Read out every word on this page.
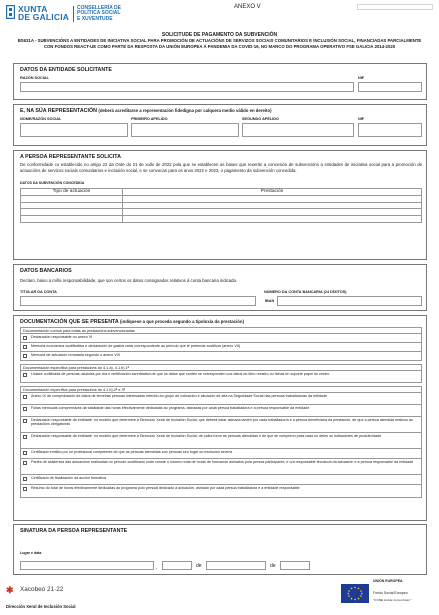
XUNTA
DE GALICIA
CONSELLERÍA DE
POLÍTICA SOCIAL
E XUVENTUDE
ANEXO V
SOLICITUDE DE PAGAMENTO DA SUBVENCIÓN
BS631A - SUBVENCIÓNS A ENTIDADES DE INICIATIVA SOCIAL PARA PROMOCIÓN DE ACTUACIÓNS DE SERVIZOS SOCIAIS COMUNITARIOS E INCLUSIÓN SOCIAL, FINANCIADAS PARCIALMENTE CON FONDOS REACT-UE COMO PARTE DA RESPOSTA DA UNIÓN EUROPEA Á PANDEMIA DA COVID-19, NO MARCO DO PROGRAMA OPERATIVO FSE GALICIA 2014-2020
DATOS DA ENTIDADE SOLICITANTE
RAZÓN SOCIAL	NIF
E, NA SÚA REPRESENTACIÓN (deberá acreditarse a representación fidedigna por calquera medio válido en dereito)
NOME/RAZÓN SOCIAL	PRIMEIRO APELIDO	SEGUNDO APELIDO	NIF
A PERSOA REPRESENTANTE SOLICITA
De conformidade co establecido no artigo 22 da Orde do 21 de xullo de 2022 pola que se establecen as bases que rexerán a concesión de subvencións a entidades de iniciativa social para a promoción de actuacións de servizos sociais comunitarios e inclusión social, e se convocan para os anos 2022 e 2023, o pagamento da subvención concedida.
DATOS DA SUBVENCIÓN CONCEDIDA
Tipo de actuación	Prestación

DATOS BANCARIOS
Declaro, baixo a miña responsabilidade, que son certos os datos consignados relativos á conta bancaria indicada.
TITULAR DA CONTA	NÚMERO DA CONTA BANCARIA (24 DÍXITOS)
IBAN
DOCUMENTACIÓN QUE SE PRESENTA (indíquese a que proceda segundo a tipoloxía da prestación)
Documentación común para todas as prestacións subvencionadas
Declaración responsable no anexo VI
Memoria económica xustificativa e declaración de gastos reais correspondente ao período que te pretenda xustificar (anexo VII)
Memoria de actuación rematada segundo o anexo VIII
Documentación específica para prestacións do 4.1.a), 4.1.b).1ª
Listaxe codificada de persoas usuarias por día e certificación acreditativa de que os datos que contén se corresponden cos datos do libro rexistro ou fichas en soporte papel do centro
Documentación específica para prestacións do 4.1.b).2ª e 3ª
Anexo IX de comprobación de datos de terceiras persoas interesadas referido ao grupo de cotización e situación de alta na Seguridade Social das persoas traballadoras da entidade
Follas mensuais comprensivas da totalidade das horas efectivamente dedicadas ao programa, asinadas por cada persoa traballadora e a persoa responsable da entidade
Declaración responsable da entidade, no modelo que determine a Dirección Xeral de Inclusión Social, que deberá estar asinada tamén por cada traballador/a e a persoa beneficiaria da prestación, de que a persoa atendida realizou as prestacións obrigatorias
Declaración responsable da entidade, no modelo que determine a Dirección Xeral de Inclusión Social, de cales foron as persoas atendidas e de que se cumpriron para cada un deles os indicadores de produtividade.
Certificado emitido por un profesional competente de que as persoas atendidas son persoas sen fogar ou exclusión severa
Partes de asistencia das actuacións realizadas no período xustificado onde conste o número total de horas de formación asinados pola persoa participante, e o/a responsable técnico/a da actuación e a persoa responsable da entidade
Certificado de finalización da acción formativa
Resumo do total de horas efectivamente dedicadas ao programa polo persoal dedicado á actuación, asinado por cada persoa traballadora e a entidade responsable
SINATURA DA PERSOA REPRESENTANTE
Lugar e data
,	de	de
✱ Xacobeo 21·22
Dirección Xeral de Inclusión Social
UNIÓN EUROPEA
Fondo Social Europeo
"O FSE inviste no teu futuro"
